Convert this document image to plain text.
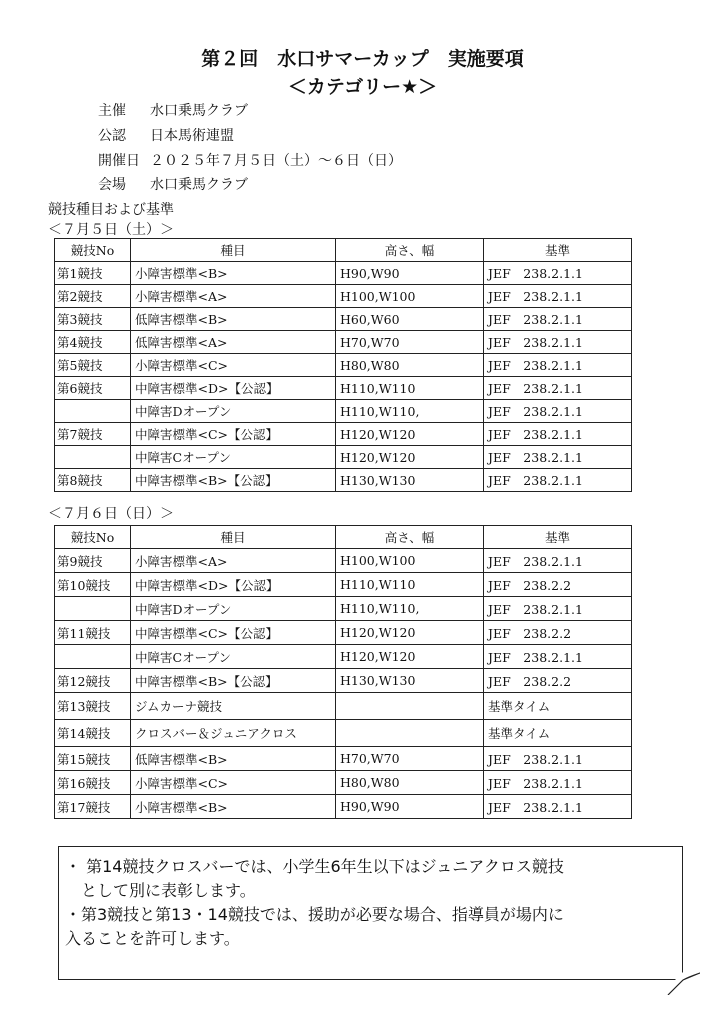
第２回　水口サマーカップ　実施要項
＜カテゴリー★＞
主催 水口乗馬クラブ
公認 日本馬術連盟
開催日 ２０２５年７月５日（土）～６日（日）
会場 水口乗馬クラブ
競技種目および基準
＜７月５日（土）＞
競技No	種目	高さ、幅	基準
第1競技	小障害標準<B>	H90,W90	JEF　238.2.1.1
第2競技	小障害標準<A>	H100,W100	JEF　238.2.1.1
第3競技	低障害標準<B>	H60,W60	JEF　238.2.1.1
第4競技	低障害標準<A>	H70,W70	JEF　238.2.1.1
第5競技	小障害標準<C>	H80,W80	JEF　238.2.1.1
第6競技	中障害標準<D>【公認】	H110,W110	JEF　238.2.1.1
	中障害Dオープン	H110,W110,	JEF　238.2.1.1
第7競技	中障害標準<C>【公認】	H120,W120	JEF　238.2.1.1
	中障害Cオープン	H120,W120	JEF　238.2.1.1
第8競技	中障害標準<B>【公認】	H130,W130	JEF　238.2.1.1
＜７月６日（日）＞
競技No	種目	高さ、幅	基準
第9競技	小障害標準<A>	H100,W100	JEF　238.2.1.1
第10競技	中障害標準<D>【公認】	H110,W110	JEF　238.2.2
	中障害Dオープン	H110,W110,	JEF　238.2.1.1
第11競技	中障害標準<C>【公認】	H120,W120	JEF　238.2.2
	中障害Cオープン	H120,W120	JEF　238.2.1.1
第12競技	中障害標準<B>【公認】	H130,W130	JEF　238.2.2
第13競技	ジムカーナ競技		基準タイム
第14競技	クロスバー＆ジュニアクロス		基準タイム
第15競技	低障害標準<B>	H70,W70	JEF　238.2.1.1
第16競技	小障害標準<C>	H80,W80	JEF　238.2.1.1
第17競技	小障害標準<B>	H90,W90	JEF　238.2.1.1

・ 第14競技クロスバーでは、小学生6年生以下はジュニアクロス競技

　として別に表彰します。

・第3競技と第13・14競技では、援助が必要な場合、指導員が場内に

入ることを許可します。
